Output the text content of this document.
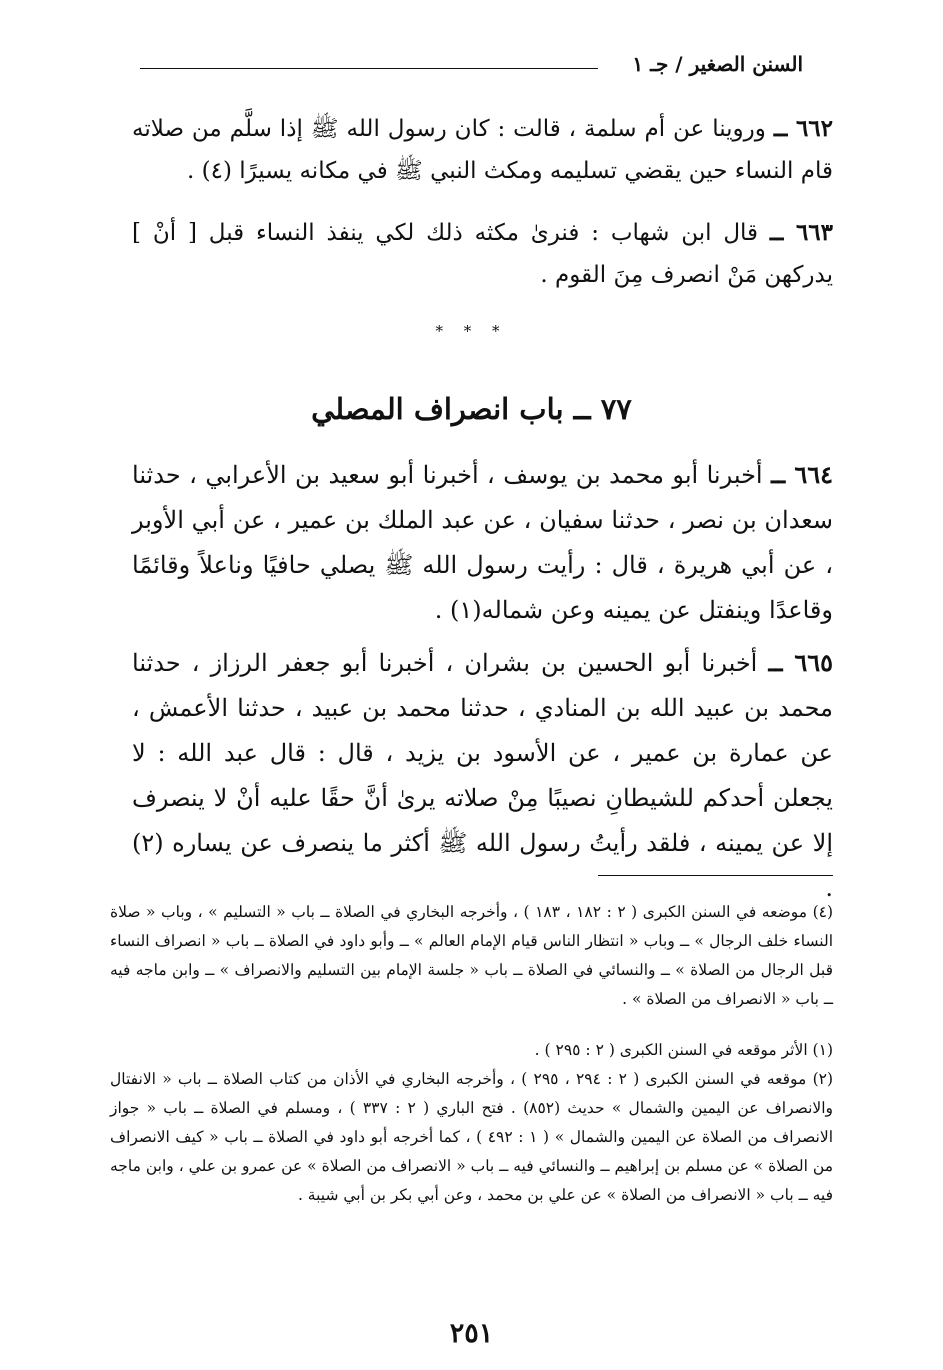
السنن الصغير / جـ ١
٦٦٢ ــ وروينا عن أم سلمة ، قالت : كان رسول الله ﷺ إذا سلَّم من صلاته قام النساء حين يقضي تسليمه ومكث النبي ﷺ في مكانه يسيرًا (٤) .
٦٦٣ ــ قال ابن شهاب : فنرىٰ مكثه ذلك لكي ينفذ النساء قبل [ أنْ ] يدركهن مَنْ انصرف مِنَ القوم .
* * *
٧٧ ــ باب انصراف المصلي
٦٦٤ ــ أخبرنا أبو محمد بن يوسف ، أخبرنا أبو سعيد بن الأعرابي ، حدثنا سعدان بن نصر ، حدثنا سفيان ، عن عبد الملك بن عمير ، عن أبي الأوبر ، عن أبي هريرة ، قال : رأيت رسول الله ﷺ يصلي حافيًا وناعلاً وقائمًا وقاعدًا وينفتل عن يمينه وعن شماله(١) .
٦٦٥ ــ أخبرنا أبو الحسين بن بشران ، أخبرنا أبو جعفر الرزاز ، حدثنا محمد بن عبيد الله بن المنادي ، حدثنا محمد بن عبيد ، حدثنا الأعمش ، عن عمارة بن عمير ، عن الأسود بن يزيد ، قال : قال عبد الله : لا يجعلن أحدكم للشيطانِ نصيبًا مِنْ صلاته يرىٰ أنَّ حقًا عليه أنْ لا ينصرف إلا عن يمينه ، فلقد رأيتُ رسول الله ﷺ أكثر ما ينصرف عن يساره (٢) .
(٤) موضعه في السنن الكبرى ( ٢ : ١٨٢ ، ١٨٣ ) ، وأخرجه البخاري في الصلاة ــ باب « التسليم » ، وباب « صلاة النساء خلف الرجال » ــ وباب « انتظار الناس قيام الإمام العالم » ــ وأبو داود في الصلاة ــ باب « انصراف النساء قبل الرجال من الصلاة » ــ والنسائي في الصلاة ــ باب « جلسة الإمام بين التسليم والانصراف » ــ وابن ماجه فيه ــ باب « الانصراف من الصلاة » .
(١) الأثر موقعه في السنن الكبرى ( ٢ : ٢٩٥ ) .
(٢) موقعه في السنن الكبرى ( ٢ : ٢٩٤ ، ٢٩٥ ) ، وأخرجه البخاري في الأذان من كتاب الصلاة ــ باب « الانفتال والانصراف عن اليمين والشمال » حديث (٨٥٢) . فتح الباري ( ٢ : ٣٣٧ ) ، ومسلم في الصلاة ــ باب « جواز الانصراف من الصلاة عن اليمين والشمال » ( ١ : ٤٩٢ ) ، كما أخرجه أبو داود في الصلاة ــ باب « كيف الانصراف من الصلاة » عن مسلم بن إبراهيم ــ والنسائي فيه ــ باب « الانصراف من الصلاة » عن عمرو بن علي ، وابن ماجه فيه ــ باب « الانصراف من الصلاة » عن علي بن محمد ، وعن أبي بكر بن أبي شيبة .
٢٥١
